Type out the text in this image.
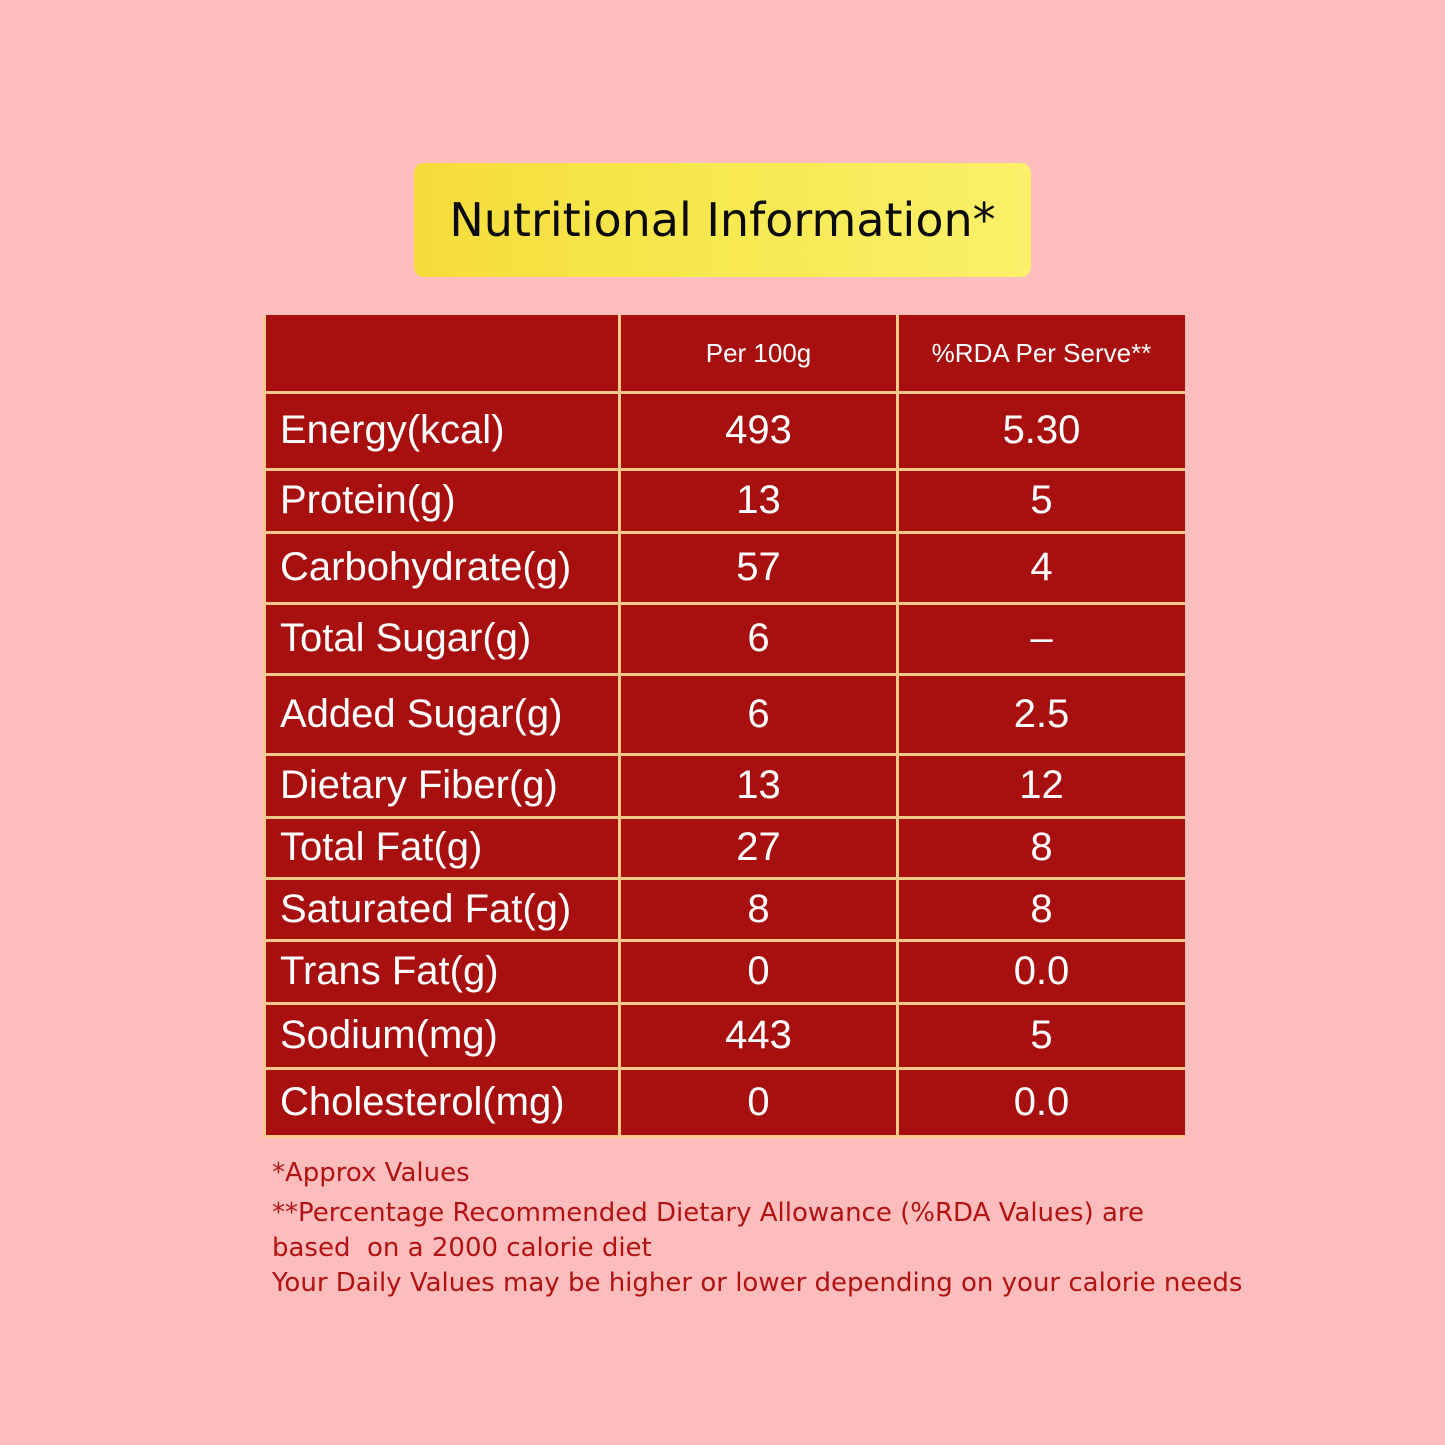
Nutritional Information*
	Per 100g	%RDA Per Serve**
Energy(kcal)	493	5.30
Protein(g)	13	5
Carbohydrate(g)	57	4
Total Sugar(g)	6	–
Added Sugar(g)	6	2.5
Dietary Fiber(g)	13	12
Total Fat(g)	27	8
Saturated Fat(g)	8	8
Trans Fat(g)	0	0.0
Sodium(mg)	443	5
Cholesterol(mg)	0	0.0

*Approx Values

**Percentage Recommended Dietary Allowance (%RDA Values) are

based  on a 2000 calorie diet

Your Daily Values may be higher or lower depending on your calorie needs
